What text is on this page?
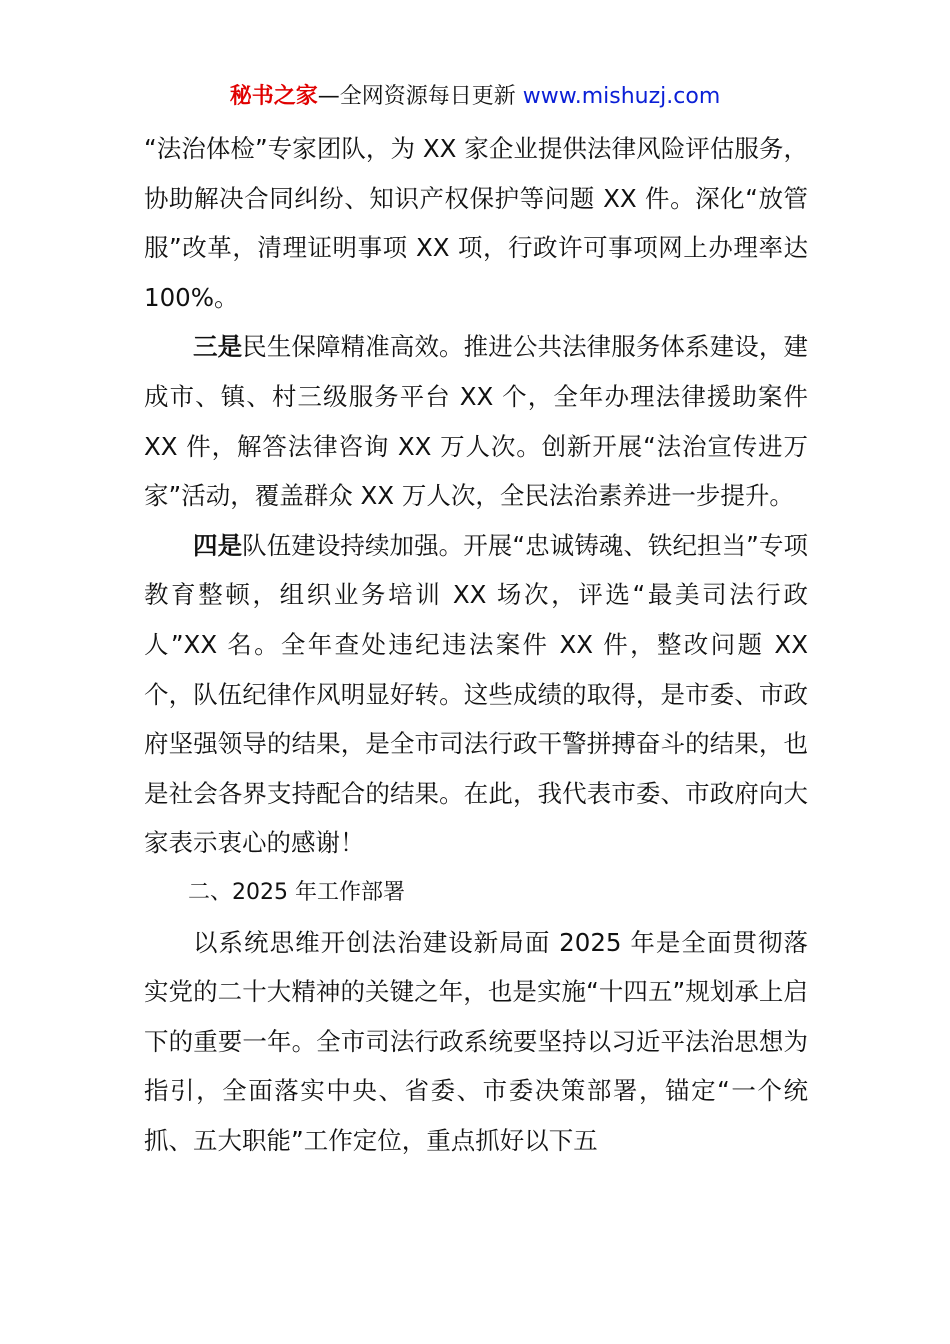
秘书之家—全网资源每日更新 www.mishuzj.com

“法治体检”专家团队，为 XX 家企业提供法律风险评估服务，协助解决合同纠纷、知识产权保护等问题 XX 件。深化“放管服”改革，清理证明事项 XX 项，行政许可事项网上办理率达 100%。

三是民生保障精准高效。推进公共法律服务体系建设，建成市、镇、村三级服务平台 XX 个，全年办理法律援助案件 XX 件，解答法律咨询 XX 万人次。创新开展“法治宣传进万家”活动，覆盖群众 XX 万人次，全民法治素养进一步提升。

四是队伍建设持续加强。开展“忠诚铸魂、铁纪担当”专项教育整顿，组织业务培训 XX 场次，评选“最美司法行政人”XX 名。全年查处违纪违法案件 XX 件，整改问题 XX 个，队伍纪律作风明显好转。这些成绩的取得，是市委、市政府坚强领导的结果，是全市司法行政干警拼搏奋斗的结果，也是社会各界支持配合的结果。在此，我代表市委、市政府向大家表示衷心的感谢！

二、2025 年工作部署

以系统思维开创法治建设新局面 2025 年是全面贯彻落实党的二十大精神的关键之年，也是实施“十四五”规划承上启下的重要一年。全市司法行政系统要坚持以习近平法治思想为指引，全面落实中央、省委、市委决策部署，锚定“一个统抓、五大职能”工作定位，重点抓好以下五
